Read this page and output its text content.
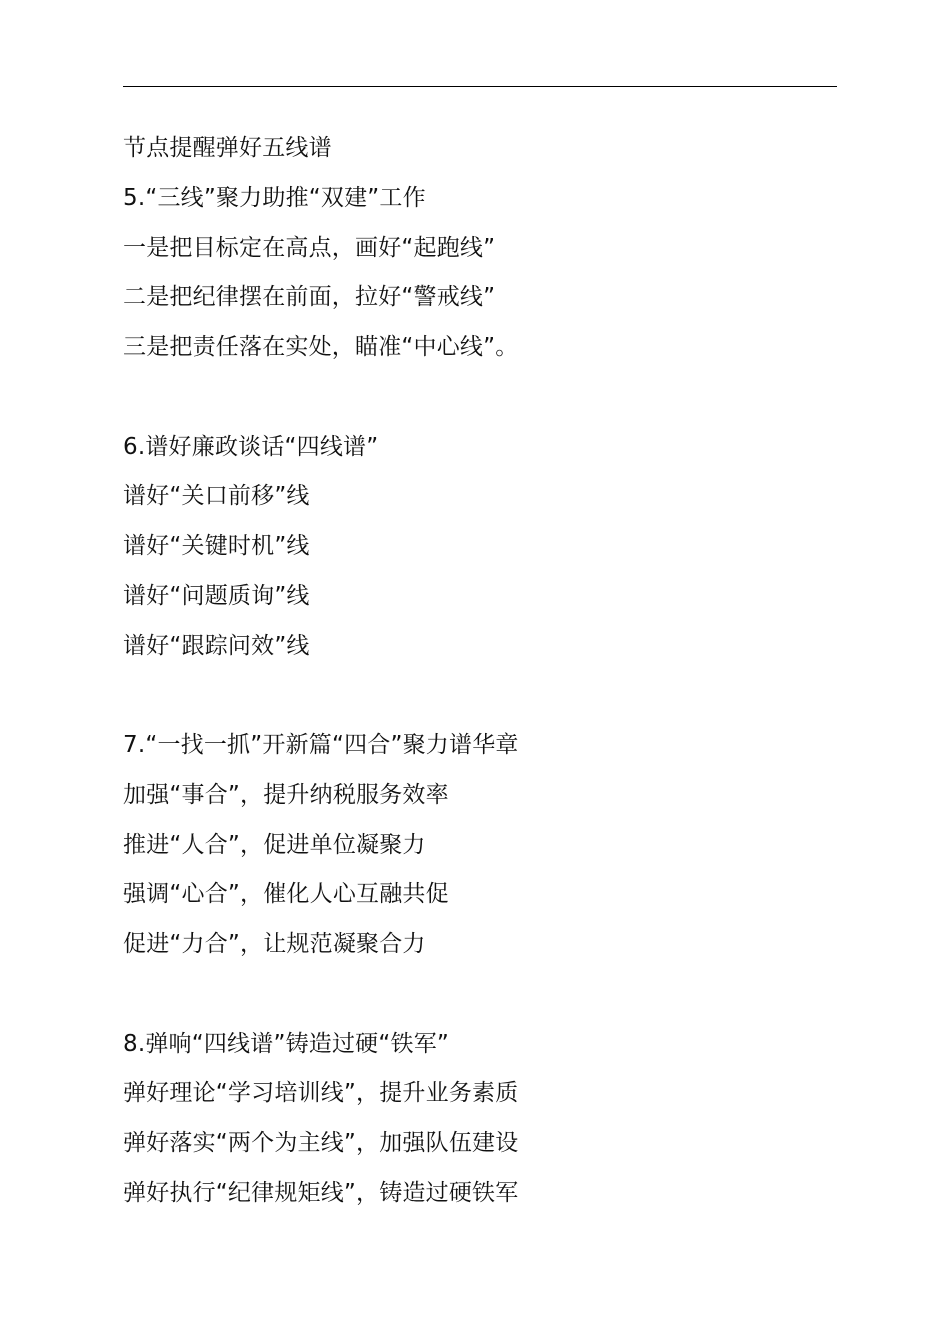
节点提醒弹好五线谱
5.“三线”聚力助推“双建”工作
一是把目标定在高点，画好“起跑线”
二是把纪律摆在前面，拉好“警戒线”
三是把责任落在实处，瞄准“中心线”。
6.谱好廉政谈话“四线谱”
谱好“关口前移”线
谱好“关键时机”线
谱好“问题质询”线
谱好“跟踪问效”线
7.“一找一抓”开新篇“四合”聚力谱华章
加强“事合”，提升纳税服务效率
推进“人合”，促进单位凝聚力
强调“心合”，催化人心互融共促
促进“力合”，让规范凝聚合力
8.弹响“四线谱”铸造过硬“铁军”
弹好理论“学习培训线”，提升业务素质
弹好落实“两个为主线”，加强队伍建设
弹好执行“纪律规矩线”，铸造过硬铁军
